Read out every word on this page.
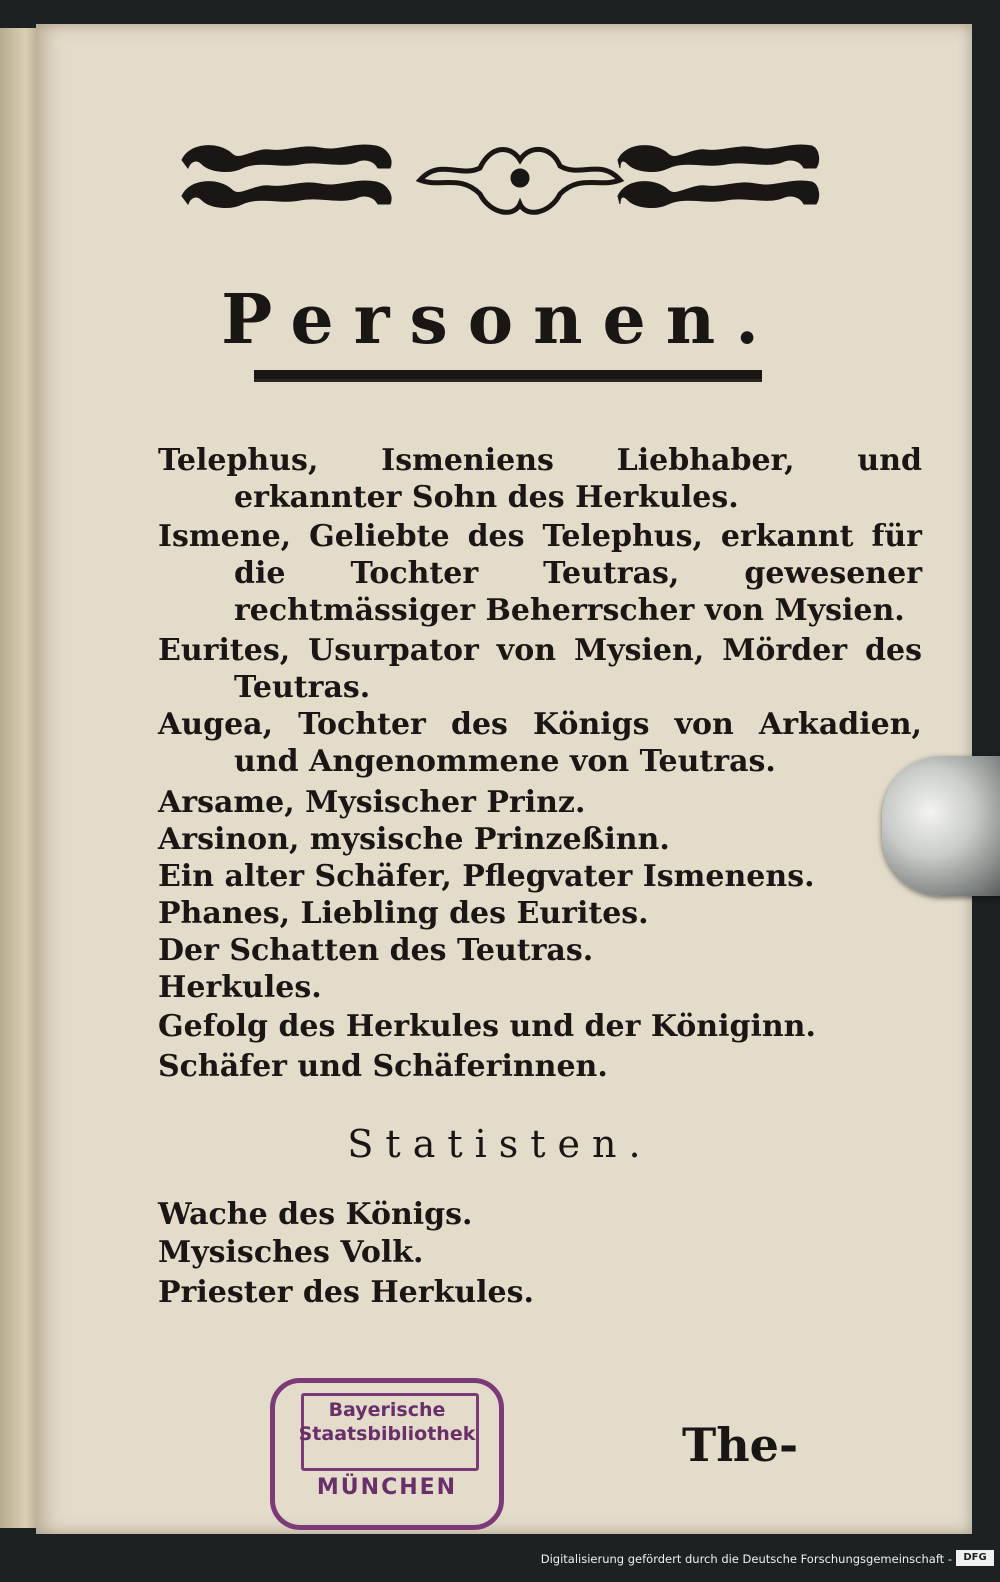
Personen.
Telephus, Ismeniens Liebhaber, und erkannter Sohn des Herkules.
Ismene, Geliebte des Telephus, erkannt für die Tochter Teutras, gewesener rechtmässiger Beherrscher von Mysien.
Eurites, Usurpator von Mysien, Mörder des Teutras.
Augea, Tochter des Königs von Arkadien, und Angenommene von Teutras.
Arsame, Mysischer Prinz.
Arsinon, mysische Prinzeßinn.
Ein alter Schäfer, Pflegvater Ismenens.
Phanes, Liebling des Eurites.
Der Schatten des Teutras.
Herkules.
Gefolg des Herkules und der Königinn.
Schäfer und Schäferinnen.
Statisten.
Wache des Königs.
Mysisches Volk.
Priester des Herkules.
Bayerische
Staatsbibliothek
MÜNCHEN
The-
Digitalisierung gefördert durch die Deutsche Forschungsgemeinschaft -	DFG
